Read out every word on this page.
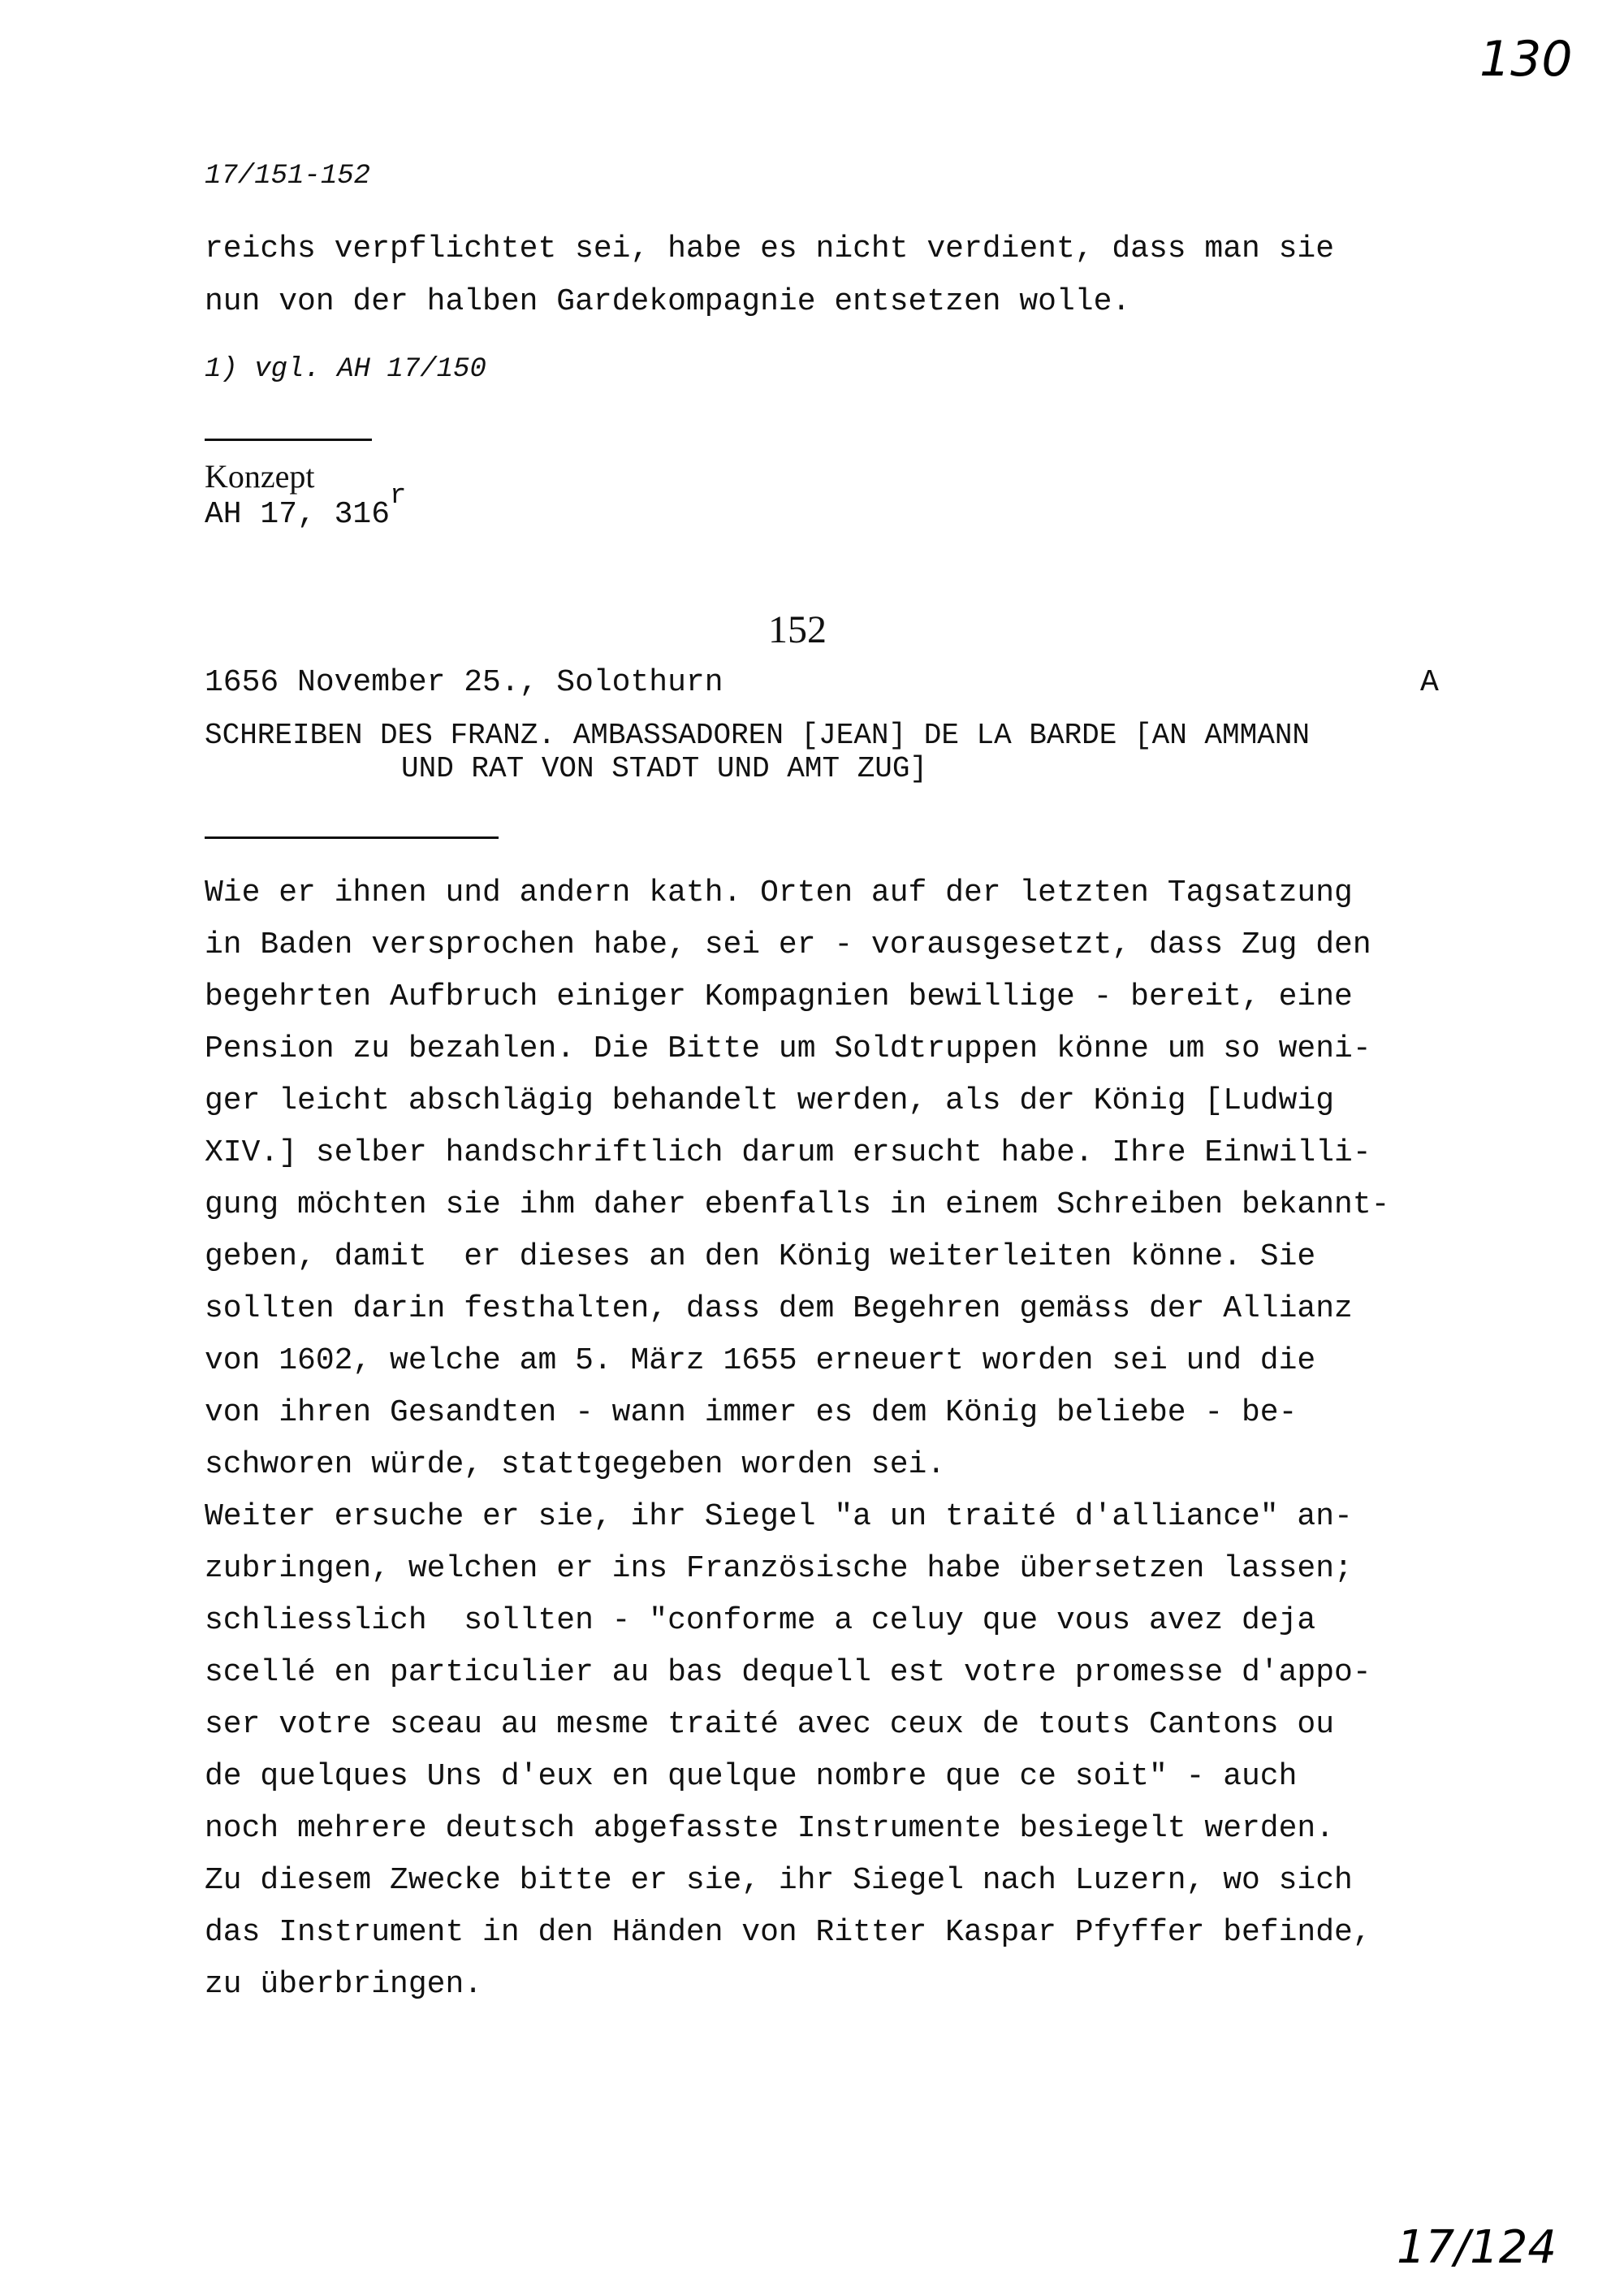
130
17/151-152
reichs verpflichtet sei, habe es nicht verdient, dass man sie
nun von der halben Gardekompagnie entsetzen wolle.
1) vgl. AH 17/150
Konzept
AH 17, 316r
152
1656 November 25., Solothurn	A
SCHREIBEN DES FRANZ. AMBASSADOREN [JEAN] DE LA BARDE [AN AMMANN
UND RAT VON STADT UND AMT ZUG]
Wie er ihnen und andern kath. Orten auf der letzten Tagsatzung
in Baden versprochen habe, sei er - vorausgesetzt, dass Zug den
begehrten Aufbruch einiger Kompagnien bewillige - bereit, eine
Pension zu bezahlen. Die Bitte um Soldtruppen könne um so weni-
ger leicht abschlägig behandelt werden, als der König [Ludwig
XIV.] selber handschriftlich darum ersucht habe. Ihre Einwilli-
gung möchten sie ihm daher ebenfalls in einem Schreiben bekannt-
geben, damit  er dieses an den König weiterleiten könne. Sie
sollten darin festhalten, dass dem Begehren gemäss der Allianz
von 1602, welche am 5. März 1655 erneuert worden sei und die
von ihren Gesandten - wann immer es dem König beliebe - be-
schworen würde, stattgegeben worden sei.
Weiter ersuche er sie, ihr Siegel "a un traité d'alliance" an-
zubringen, welchen er ins Französische habe übersetzen lassen;
schliesslich  sollten - "conforme a celuy que vous avez deja
scellé en particulier au bas dequell est votre promesse d'appo-
ser votre sceau au mesme traité avec ceux de touts Cantons ou
de quelques Uns d'eux en quelque nombre que ce soit" - auch
noch mehrere deutsch abgefasste Instrumente besiegelt werden.
Zu diesem Zwecke bitte er sie, ihr Siegel nach Luzern, wo sich
das Instrument in den Händen von Ritter Kaspar Pfyffer befinde,
zu überbringen.
17/124
